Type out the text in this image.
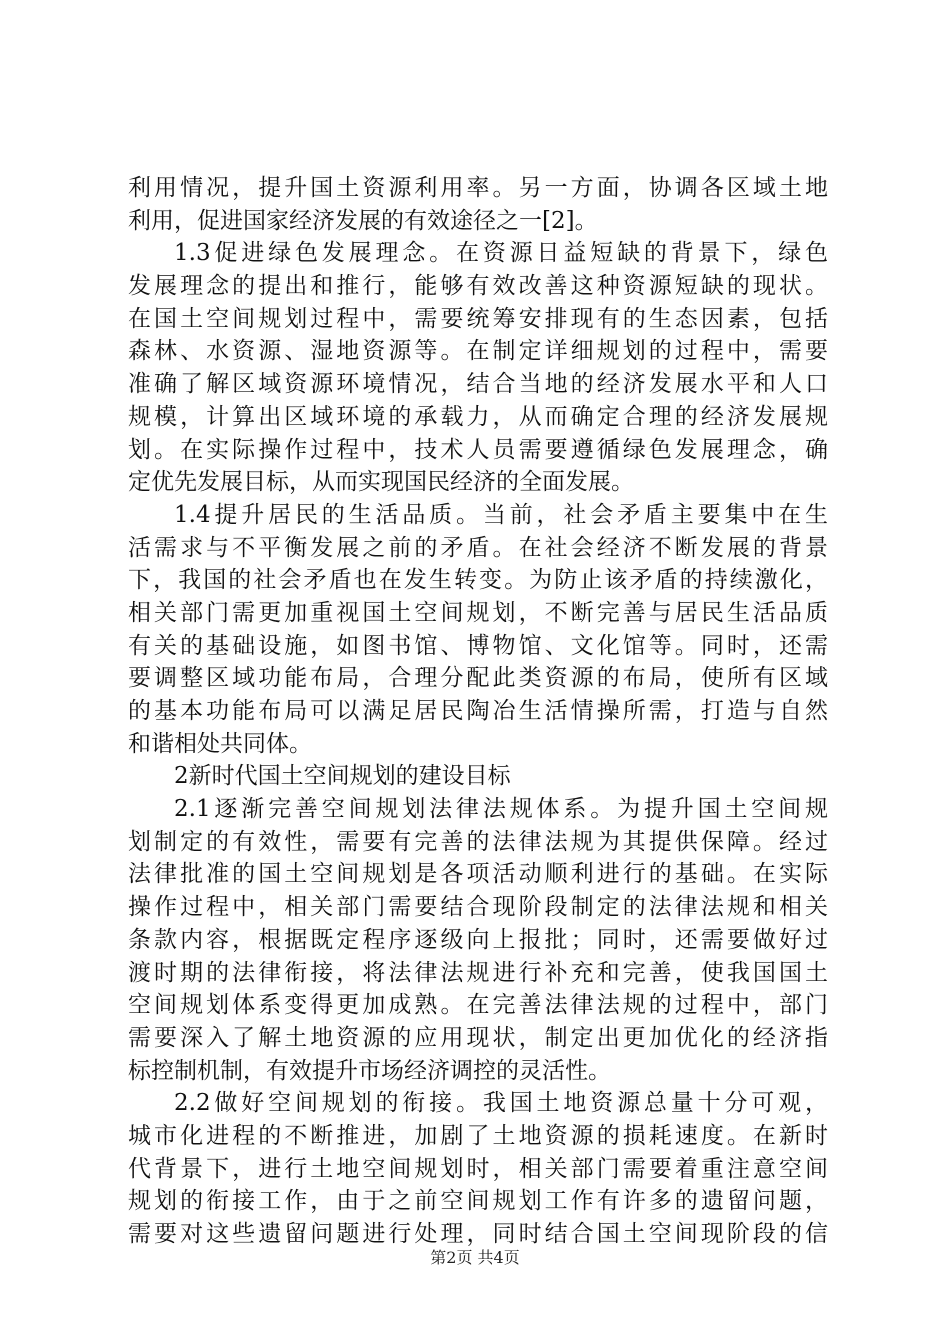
利用情况，提升国土资源利用率。另一方面，协调各区域土地
利用，促进国家经济发展的有效途径之一[2]。
1.3促进绿色发展理念。在资源日益短缺的背景下，绿色
发展理念的提出和推行，能够有效改善这种资源短缺的现状。
在国土空间规划过程中，需要统筹安排现有的生态因素，包括
森林、水资源、湿地资源等。在制定详细规划的过程中，需要
准确了解区域资源环境情况，结合当地的经济发展水平和人口
规模，计算出区域环境的承载力，从而确定合理的经济发展规
划。在实际操作过程中，技术人员需要遵循绿色发展理念，确
定优先发展目标，从而实现国民经济的全面发展。
1.4提升居民的生活品质。当前，社会矛盾主要集中在生
活需求与不平衡发展之前的矛盾。在社会经济不断发展的背景
下，我国的社会矛盾也在发生转变。为防止该矛盾的持续激化，
相关部门需更加重视国土空间规划，不断完善与居民生活品质
有关的基础设施，如图书馆、博物馆、文化馆等。同时，还需
要调整区域功能布局，合理分配此类资源的布局，使所有区域
的基本功能布局可以满足居民陶冶生活情操所需，打造与自然
和谐相处共同体。
2新时代国土空间规划的建设目标
2.1逐渐完善空间规划法律法规体系。为提升国土空间规
划制定的有效性，需要有完善的法律法规为其提供保障。经过
法律批准的国土空间规划是各项活动顺利进行的基础。在实际
操作过程中，相关部门需要结合现阶段制定的法律法规和相关
条款内容，根据既定程序逐级向上报批；同时，还需要做好过
渡时期的法律衔接，将法律法规进行补充和完善，使我国国土
空间规划体系变得更加成熟。在完善法律法规的过程中，部门
需要深入了解土地资源的应用现状，制定出更加优化的经济指
标控制机制，有效提升市场经济调控的灵活性。
2.2做好空间规划的衔接。我国土地资源总量十分可观，
城市化进程的不断推进，加剧了土地资源的损耗速度。在新时
代背景下，进行土地空间规划时，相关部门需要着重注意空间
规划的衔接工作，由于之前空间规划工作有许多的遗留问题，
需要对这些遗留问题进行处理，同时结合国土空间现阶段的信
第2页 共4页
